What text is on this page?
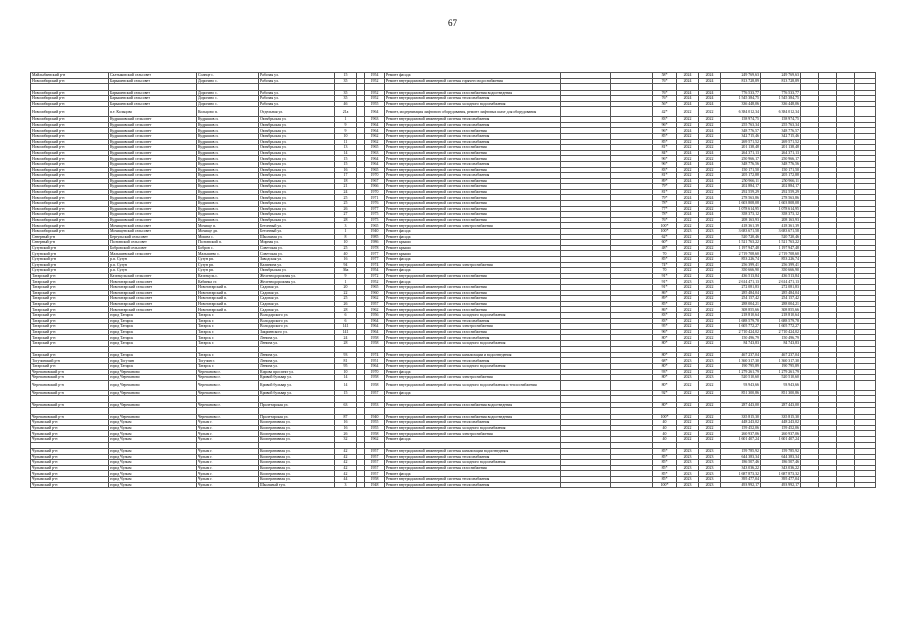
67
Майлыбаевский р-н	Салтыковский сельсовет	Солнце с.	Рабочая ул.	15		1954	Ремонт фасада			58*	2024	2024	249 769,63	249 769,63				
Новосибирский р-н	Барышевский сельсовет	Дорогино с.	Рабочая ул.	35		1952	Ремонт внутридомовой инженерной системы горячего водоснабжения			76*	2024	2024	813 728,89	813 728,89				

Новосибирский р-н	Барышевский сельсовет	Дорогино с.	Рабочая ул.	35		1952	Ремонт внутридомовой инженерной системы газоснабжения водоотведения			76*	2024	2024	776 533,77	776 533,77				
Новосибирский р-н	Барышевский сельсовет	Дорогино с.	Рабочая ул.	35		1952	Ремонт внутридомовой инженерной системы теплоснабжения			76*	2024	2024	1 545 384,75	1 545 384,75				
Новосибирский р-н	Барышевский сельсовет	Дорогино с.	Рабочая ул.	46		1955	Ремонт внутридомовой инженерной системы холодного водоснабжения			56*	2024	2024	336 448,06	336 448,06				
Новосибирский р-н	п.т. Кольцово	Кольцово п.	Отдельная ул.	21а		1964	Ремонт, модернизация лифтового оборудования, ремонт лифтовых шахт для оборудования			42*	2022	2022	6 384 012,34	6 384 012,34				
Новосибирский р-н	Кудряшовский сельсовет	Кудряшов п.	Октябрьская ул.	1		1963	Ремонт внутридомовой инженерной системы теплоснабжения			83*	2022	2022	158 974,75	158 974,75				
Новосибирский р-н	Кудряшовский сельсовет	Кудряшов п.	Октябрьская ул.	9		1964	Ремонт внутридомовой инженерной системы теплоснабжения			96*	2022	2022	255 763,34	255 763,34				
Новосибирский р-н	Кудряшовский сельсовет	Кудряшов п.	Октябрьская ул.	9		1964	Ремонт внутридомовой инженерной системы газоснабжения			96*	2024	2024	348 776,57	348 776,57				
Новосибирский р-н	Кудряшовский сельсовет	Кудряшов п.	Октябрьская ул.	10		1962	Ремонт внутридомовой инженерной системы теплоснабжения			85*	2022	2022	342 715,46	342 715,46				
Новосибирский р-н	Кудряшовский сельсовет	Кудряшов п.	Октябрьская ул.	11		1962	Ремонт внутридомовой инженерной системы теплоснабжения			85*	2022	2022	269 571,52	269 571,52				
Новосибирский р-н	Кудряшовский сельсовет	Кудряшов п.	Октябрьская ул.	13		1965	Ремонт внутридомовой инженерной системы газоснабжения			81*	2022	2022	201 138,48	201 138,48				
Новосибирский р-н	Кудряшовский сельсовет	Кудряшов п.	Октябрьская ул.	14		1963	Ремонт внутридомовой инженерной системы газоснабжения			84*	2024	2024	264 371,13	264 371,13				
Новосибирский р-н	Кудряшовский сельсовет	Кудряшов п.	Октябрьская ул.	15		1964	Ремонт внутридомовой инженерной системы газоснабжения			96*	2022	2022	250 966,17	250 966,17				
Новосибирский р-н	Кудряшовский сельсовет	Кудряшов п.	Октябрьская ул.	15		1964	Ремонт внутридомовой инженерной системы теплоснабжения			96*	2024	2024	348 776,56	348 776,56				
Новосибирский р-н	Кудряшовский сельсовет	Кудряшов п.	Октябрьская ул.	16		1965	Ремонт внутридомовой инженерной системы газоснабжения			83*	2022	2022	150 171,50	150 171,50				
Новосибирский р-н	Кудряшовский сельсовет	Кудряшов п.	Октябрьская ул.	17		1970	Ремонт внутридомовой инженерной системы теплоснабжения			81*	2022	2022	205 172,88	205 172,88				
Новосибирский р-н	Кудряшовский сельсовет	Кудряшов п.	Октябрьская ул.	18		1967	Ремонт внутридомовой инженерной системы газоснабжения			89*	2024	2024	250 966,11	250 966,11				
Новосибирский р-н	Кудряшовский сельсовет	Кудряшов п.	Октябрьская ул.	21		1966	Ремонт внутридомовой инженерной системы газоснабжения			79*	2022	2022	202 884,17	202 884,17				
Новосибирский р-н	Кудряшовский сельсовет	Кудряшов п.	Октябрьская ул.	24		1970	Ремонт внутридомовой инженерной системы газоснабжения			81*	2022	2022	292 559,29	292 559,29				
Новосибирский р-н	Кудряшовский сельсовет	Кудряшов п.	Октябрьская ул.	25		1971	Ремонт внутридомовой инженерной системы газоснабжения			79*	2024	2024	278 563,86	278 563,86				
Новосибирский р-н	Кудряшовский сельсовет	Кудряшов п.	Октябрьская ул.	25		1976	Ремонт внутридомовой инженерной системы газоснабжения			78*	2022	2022	1 603 808,08	1 603 808,08				
Новосибирский р-н	Кудряшовский сельсовет	Кудряшов п.	Октябрьская ул.	26		1977	Ремонт внутридомовой инженерной системы газоснабжения			77*	2022	2022	1 078 614,95	1 078 614,95				
Новосибирский р-н	Кудряшовский сельсовет	Кудряшов п.	Октябрьская ул.	27		1975	Ремонт внутридомовой инженерной системы газоснабжения			78*	2024	2024	358 373,12	358 373,12				
Новосибирский р-н	Кудряшовский сельсовет	Кудряшов п.	Октябрьская ул.	28		1975	Ремонт внутридомовой инженерной системы газоснабжения			76*	2022	2022	208 163,93	208 163,93				
Новосибирский р-н	Мочищенский сельсовет	Мочище п.	Бетонный ул.	3		1965	Ремонт внутридомовой инженерной системы электроснабжения			100*	2022	2022	418 361,39	418 361,39				
Новосибирский р-н	Мочищенский сельсовет	Мочище дп.	Бетонный ул.	1		1940	Ремонт фасада			100*	2023	2023	3 683 671,58	3 683 671,58				
Северный р-н	Бергульский сельсовет	Мошна с.	Школьная ул.	8		1985	Ремонт фасада			62*	2022	2022	520 720,46	520 720,46				
Северный р-н	Полтавский сельсовет	Полтавский п.	Мирная ул.	10		1986	Ремонт крыши			60*	2022	2022	1 521 763,22	1 521 763,22				
Сузунский р-н	Бобровский сельсовет	Бобров с.	Советская ул.	25		1978	Ремонт крыши			48*	2022	2022	1 197 947,48	1 197 947,48				
Сузунский р-н	Малышевский сельсовет	Малышево с.	Советская ул.	40		1977	Ремонт крыши			70	2022	2022	2 719 708,60	2 719 708,60				
Сузунский р-н	р.п. Сузун	Сузун рп.	Заводская ул.	16		1977	Ремонт фасада			85*	2022	2022	853 226,74	853 226,74				
Сузунский р-н	р.п. Сузун	Сузун рп.	Калинина ул.	94		1974	Ремонт внутридомовой инженерной системы электроснабжения			74*	2022	2022	256 399,41	256 399,41				
Сузунский р-н	р.п. Сузун	Сузун рп.	Октябрьская ул.	36а		1954	Ремонт фасада			70	2022	2022	350 666,90	350 666,90				
Татарский р-н	Казаткульский сельсовет	Казаткуль с.	Железнодорожная ул.	9		1972	Ремонт внутридомовой инженерной системы газоснабжения			91*	2022	2022	436 513,84	436 513,84				
Татарский р-н	Новотатарский сельсовет	Кабинка ст.	Железнодорожная ул.	1		1952	Ремонт фасада			91*	2023	2023	2 614 471,13	2 614 471,13				
Татарский р-н	Новотатарский сельсовет	Новотатарский п.	Садовая ул.	20		1965	Ремонт внутридомовой инженерной системы газоснабжения			91*	2022	2022	272 081,83	272 081,83				
Татарский р-н	Новотатарский сельсовет	Новотатарский п.	Садовая ул.	22		1960	Ремонт внутридомовой инженерной системы газоснабжения			86*	2022	2022	285 484,04	285 484,04				
Татарский р-н	Новотатарский сельсовет	Новотатарский п.	Садовая ул.	25		1962	Ремонт внутридомовой инженерной системы газоснабжения			89*	2022	2022	254 157,42	254 157,42				
Татарский р-н	Новотатарский сельсовет	Новотатарский п.	Садовая ул.	26		1957	Ремонт внутридомовой инженерной системы газоснабжения			85*	2022	2022	288 004,21	288 004,21				
Татарский р-н	Новотатарский сельсовет	Новотатарский п.	Садовая ул.	28		1962	Ремонт внутридомовой инженерной системы газоснабжения			86*	2022	2022	308 855,66	308 855,66				
Татарский р-н	город Татарск	Татарск г.	Володарского ул.	6		1956	Ремонт внутридомовой инженерной системы холодного водоснабжения			83*	2022	2022	218 810,64	218 810,64				
Татарский р-н	город Татарск	Татарск г.	Володарского ул.	6		1964	Ремонт внутридомовой инженерной системы теплоснабжения			83*	2022	2022	1 688 579,78	1 688 579,78				
Татарский р-н	город Татарск	Татарск г.	Володарского ул.	141		1964	Ремонт внутридомовой инженерной системы электроснабжения			95*	2022	2022	1 605 772,27	1 605 772,27				
Татарский р-н	город Татарск	Татарск г.	Закриевского ул.	141		1964	Ремонт внутридомовой инженерной системы газоснабжения			96*	2022	2022	2 710 424,02	2 710 424,02				
Татарский р-н	город Татарск	Татарск г.	Ленина ул.	24		1958	Ремонт внутридомовой инженерной системы теплоснабжения			80*	2022	2022	150 496,79	150 496,79				
Татарский р-н	город Татарск	Татарск г.	Ленина ул.	28		1958	Ремонт внутридомовой инженерной системы холодного водоснабжения			80*	2022	2022	84 743,83	84 743,83				

Татарский р-н	город Татарск	Татарск г.	Ленина ул.	93		1974	Ремонт внутридомовой инженерной системы канализации и водоотведения			80*	2022	2022	467 237,04	467 237,04				
Тогучинский р-н	город Тогучин	Тогучин г.	Ленина ул.	81		1951	Ремонт внутридомовой инженерной системы теплоснабжения			68*	2023	2023	1 360 317,30	1 360 317,30				
Татарский р-н	город Татарск	Татарск г.	Ленина ул.	95		1964	Ремонт внутридомовой инженерной системы холодного водоснабжения			80*	2022	2022	190 795,89	190 795,89				
Черепановский р-н	город Черепаново	Черепаново г.	Кирова проспект ул.	10		1970	Ремонт фасада			93*	2022	2022	1 279 261,79	1 279 261,79				
Черепановский р-н	город Черепаново	Черепаново г.	Кривой бульвар ул.	14		1958	Ремонт внутридомовой инженерной системы электроснабжения			80*	2023	2023	520 510,60	520 510,60				
Черепановский р-н	город Черепаново	Черепаново г.	Кривой бульвар ул.	14		1958	Ремонт внутридомовой инженерной системы холодного водоснабжения и теплоснабжения			80*	2022	2022	93 943,66	93 943,66				
Черепановский р-н	город Черепаново	Черепаново г.	Кривой бульвар ул.	15		1957	Ремонт фасада			92*	2022	2022	851 300,86	851 300,86				

Черепановский р-н	город Черепаново	Черепаново г.	Пролетарская ул.	63		1953	Ремонт внутридомовой инженерной системы газоснабжения водоотведения			80*	2022	2022	287 443,00	287 443,00				

Черепановский р-н	город Черепаново	Черепаново г.	Пролетарская ул.	87		1940	Ремонт внутридомовой инженерной системы газоснабжения водоотведения			100*	2022	2022	335 815,30	335 815,30				
Чулымский р-н	город Чулым	Чулым г.	Кооперативная ул.	16		1955	Ремонт внутридомовой инженерной системы теплоснабжения			40	2022	2022	448 243,02	448 243,02				
Чулымский р-н	город Чулым	Чулым г.	Кооперативная ул.	16		1955	Ремонт внутридомовой инженерной системы холодного водоснабжения			40	2022	2022	159 452,06	159 452,06				
Чулымский р-н	город Чулым	Чулым г.	Кооперативная ул.	26		1958	Ремонт внутридомовой инженерной системы электроснабжения			40	2022	2022	260 937,06	260 937,06				
Чулымский р-н	город Чулым	Чулым г.	Кооперативная ул.	32		1962	Ремонт фасада			40	2022	2022	1 601 407,24	1 601 407,24				

Чулымский р-н	город Чулым	Чулым г.	Кооперативная ул.	42		1957	Ремонт внутридомовой инженерной системы канализации водоотведения			85*	2023	2023	159 785,92	159 785,92				
Чулымский р-н	город Чулым	Чулым г.	Кооперативная ул.	42		1957	Ремонт внутридомовой инженерной системы теплоснабжения			85*	2023	2023	644 383,34	644 383,34				
Чулымский р-н	город Чулым	Чулым г.	Кооперативная ул.	42		1957	Ремонт внутридомовой инженерной системы холодного водоснабжения			85*	2023	2023	186 507,46	186 507,46				
Чулымский р-н	город Чулым	Чулым г.	Кооперативная ул.	42		1957	Ремонт внутридомовой инженерной системы газоснабжения			85*	2023	2023	343 036,22	343 036,22				
Чулымский р-н	город Чулым	Чулым г.	Кооперативная ул.	42		1957	Ремонт фасада			85*	2023	2023	1 687 873,32	1 687 873,32				
Чулымский р-н	город Чулым	Чулым г.	Кооперативная ул.	44		1958	Ремонт внутридомовой инженерной системы теплоснабжения			85*	2023	2023	395 477,04	395 477,04				
Чулымский р-н	город Чулым	Чулым г.	Школьный туп.	3		1948	Ремонт внутридомовой инженерной системы теплоснабжения			100*	2023	2023	493 992,17	493 992,17				
